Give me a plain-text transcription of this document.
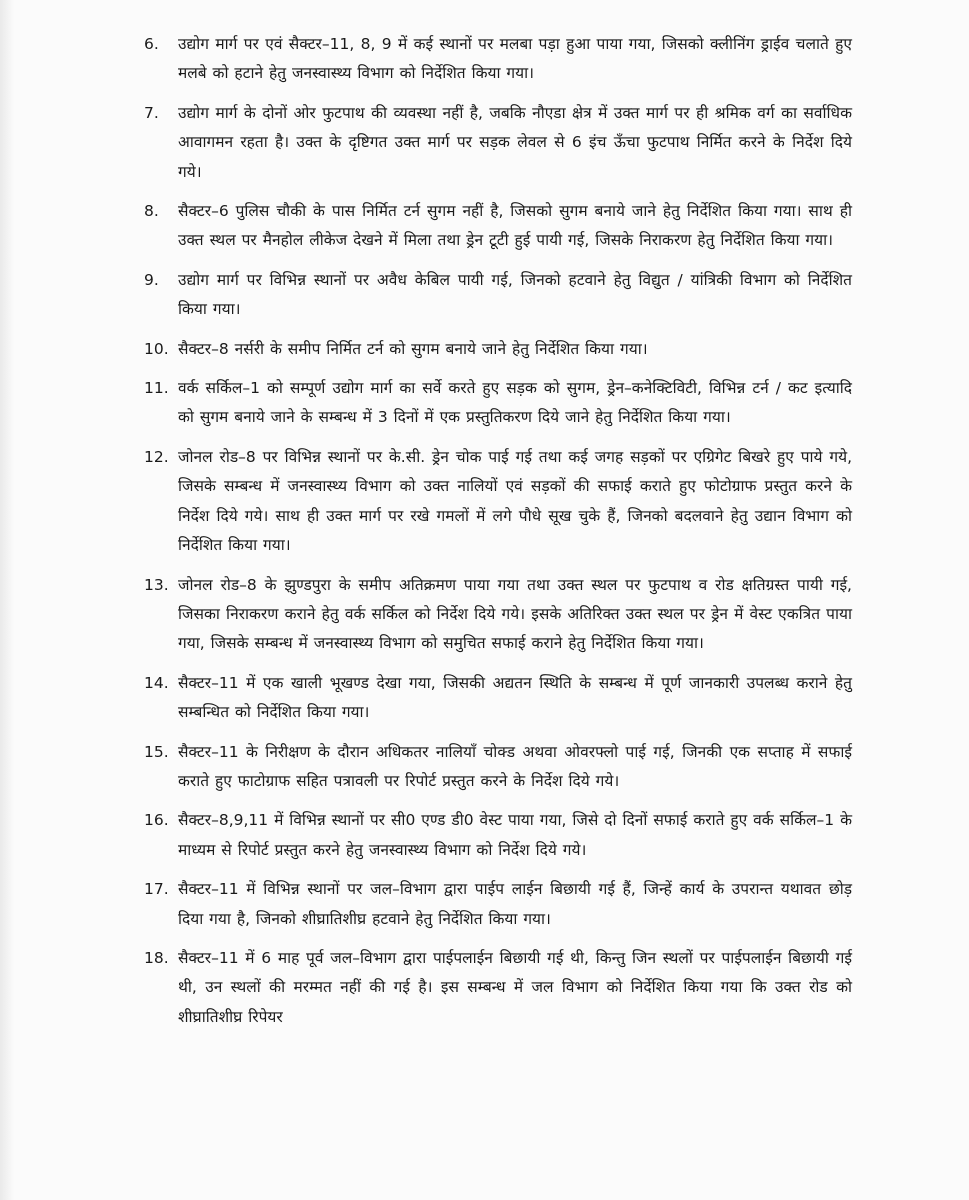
6.	उद्योग मार्ग पर एवं सैक्टर–11, 8, 9 में कई स्थानों पर मलबा पड़ा हुआ पाया गया, जिसको क्लीनिंग ड्राईव चलाते हुए मलबे को हटाने हेतु जनस्वास्थ्य विभाग को निर्देशित किया गया।
7.	उद्योग मार्ग के दोनों ओर फुटपाथ की व्यवस्था नहीं है, जबकि नौएडा क्षेत्र में उक्त मार्ग पर ही श्रमिक वर्ग का सर्वाधिक आवागमन रहता है। उक्त के दृष्टिगत उक्त मार्ग पर सड़क लेवल से 6 इंच ऊँचा फुटपाथ निर्मित करने के निर्देश दिये गये।
8.	सैक्टर–6 पुलिस चौकी के पास निर्मित टर्न सुगम नहीं है, जिसको सुगम बनाये जाने हेतु निर्देशित किया गया। साथ ही उक्त स्थल पर मैनहोल लीकेज देखने में मिला तथा ड्रेन टूटी हुई पायी गई, जिसके निराकरण हेतु निर्देशित किया गया।
9.	उद्योग मार्ग पर विभिन्न स्थानों पर अवैध केबिल पायी गई, जिनको हटवाने हेतु विद्युत / यांत्रिकी विभाग को निर्देशित किया गया।
10. सैक्टर–8 नर्सरी के समीप निर्मित टर्न को सुगम बनाये जाने हेतु निर्देशित किया गया।
11. वर्क सर्किल–1 को सम्पूर्ण उद्योग मार्ग का सर्वे करते हुए सड़क को सुगम, ड्रेन–कनेक्टिविटी, विभिन्न टर्न / कट इत्यादि को सुगम बनाये जाने के सम्बन्ध में 3 दिनों में एक प्रस्तुतिकरण दिये जाने हेतु निर्देशित किया गया।
12. जोनल रोड–8 पर विभिन्न स्थानों पर के.सी. ड्रेन चोक पाई गई तथा कई जगह सड़कों पर एग्रिगेट बिखरे हुए पाये गये, जिसके सम्बन्ध में जनस्वास्थ्य विभाग को उक्त नालियों एवं सड़कों की सफाई कराते हुए फोटोग्राफ प्रस्तुत करने के निर्देश दिये गये। साथ ही उक्त मार्ग पर रखे गमलों में लगे पौधे सूख चुके हैं, जिनको बदलवाने हेतु उद्यान विभाग को निर्देशित किया गया।
13. जोनल रोड–8 के झुण्डपुरा के समीप अतिक्रमण पाया गया तथा उक्त स्थल पर फुटपाथ व रोड क्षतिग्रस्त पायी गई, जिसका निराकरण कराने हेतु वर्क सर्किल को निर्देश दिये गये। इसके अतिरिक्त उक्त स्थल पर ड्रेन में वेस्ट एकत्रित पाया गया, जिसके सम्बन्ध में जनस्वास्थ्य विभाग को समुचित सफाई कराने हेतु निर्देशित किया गया।
14. सैक्टर–11 में एक खाली भूखण्ड देखा गया, जिसकी अद्यतन स्थिति के सम्बन्ध में पूर्ण जानकारी उपलब्ध कराने हेतु सम्बन्धित को निर्देशित किया गया।
15. सैक्टर–11 के निरीक्षण के दौरान अधिकतर नालियाँ चोक्ड अथवा ओवरफ्लो पाई गई, जिनकी एक सप्ताह में सफाई कराते हुए फाटोग्राफ सहित पत्रावली पर रिपोर्ट प्रस्तुत करने के निर्देश दिये गये।
16. सैक्टर–8,9,11 में विभिन्न स्थानों पर सी0 एण्ड डी0 वेस्ट पाया गया, जिसे दो दिनों सफाई कराते हुए वर्क सर्किल–1 के माध्यम से रिपोर्ट प्रस्तुत करने हेतु जनस्वास्थ्य विभाग को निर्देश दिये गये।
17. सैक्टर–11 में विभिन्न स्थानों पर जल–विभाग द्वारा पाईप लाईन बिछायी गई हैं, जिन्हें कार्य के उपरान्त यथावत छोड़ दिया गया है, जिनको शीघ्रातिशीघ्र हटवाने हेतु निर्देशित किया गया।
18. सैक्टर–11 में 6 माह पूर्व जल–विभाग द्वारा पाईपलाईन बिछायी गई थी, किन्तु जिन स्थलों पर पाईपलाईन बिछायी गई थी, उन स्थलों की मरम्मत नहीं की गई है। इस सम्बन्ध में जल विभाग को निर्देशित किया गया कि उक्त रोड को शीघ्रातिशीघ्र रिपेयर
